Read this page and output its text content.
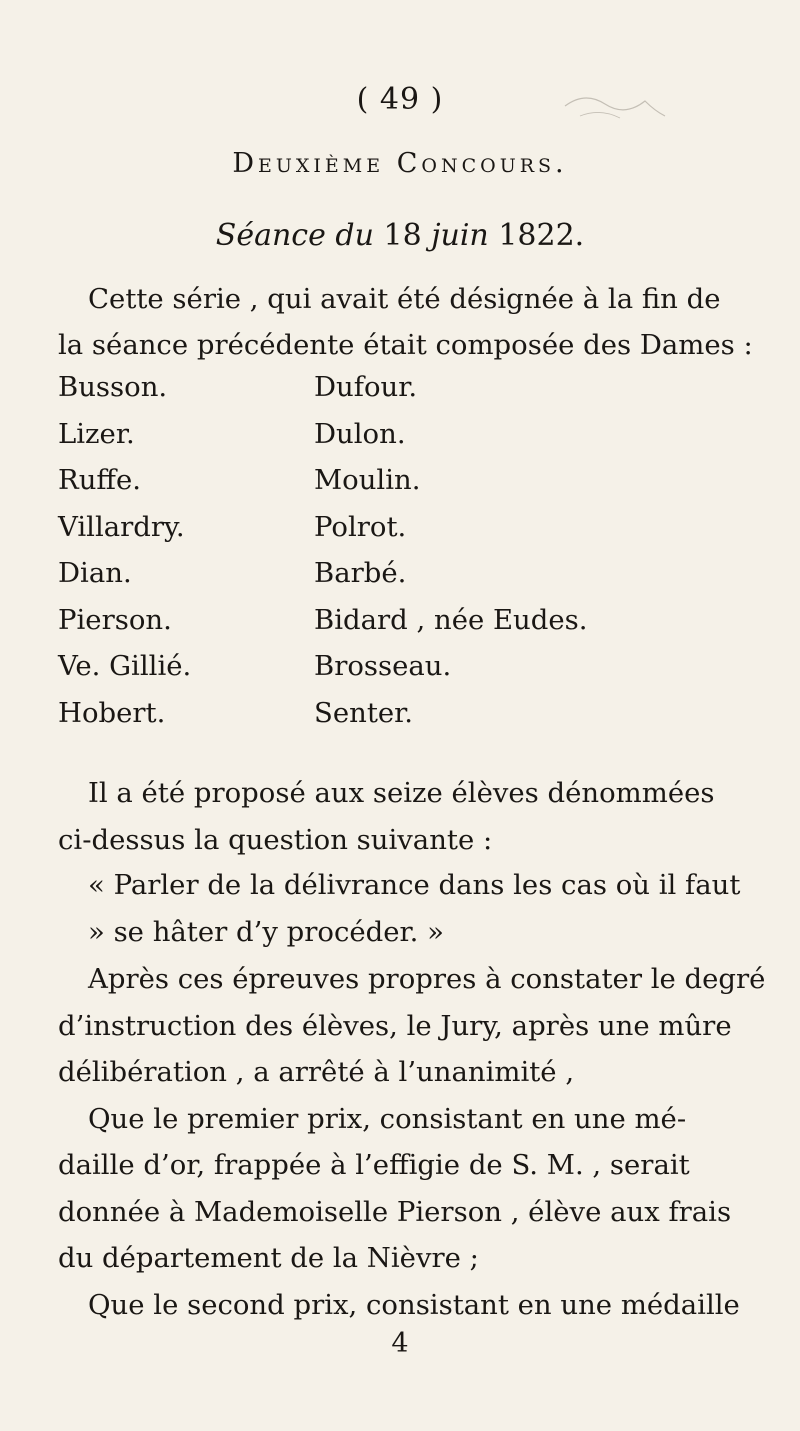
( 49 )
Deuxième Concours.
Séance du 18 juin 1822.
Cette série , qui avait été désignée à la fin de
la séance précédente était composée des Dames :
Busson.
Lizer.
Ruffe.
Villardry.
Dian.
Pierson.
Ve. Gillié.
Hobert.
Dufour.
Dulon.
Moulin.
Polrot.
Barbé.
Bidard , née Eudes.
Brosseau.
Senter.
Il a été proposé aux seize élèves dénommées
ci-dessus la question suivante :
« Parler de la délivrance dans les cas où il faut
» se hâter d’y procéder. »
Après ces épreuves propres à constater le degré
d’instruction des élèves, le Jury, après une mûre
délibération , a arrêté à l’unanimité ,
Que le premier prix, consistant en une mé-
daille d’or, frappée à l’effigie de S. M. , serait
donnée à Mademoiselle Pierson , élève aux frais
du département de la Nièvre ;
Que le second prix, consistant en une médaille
4
